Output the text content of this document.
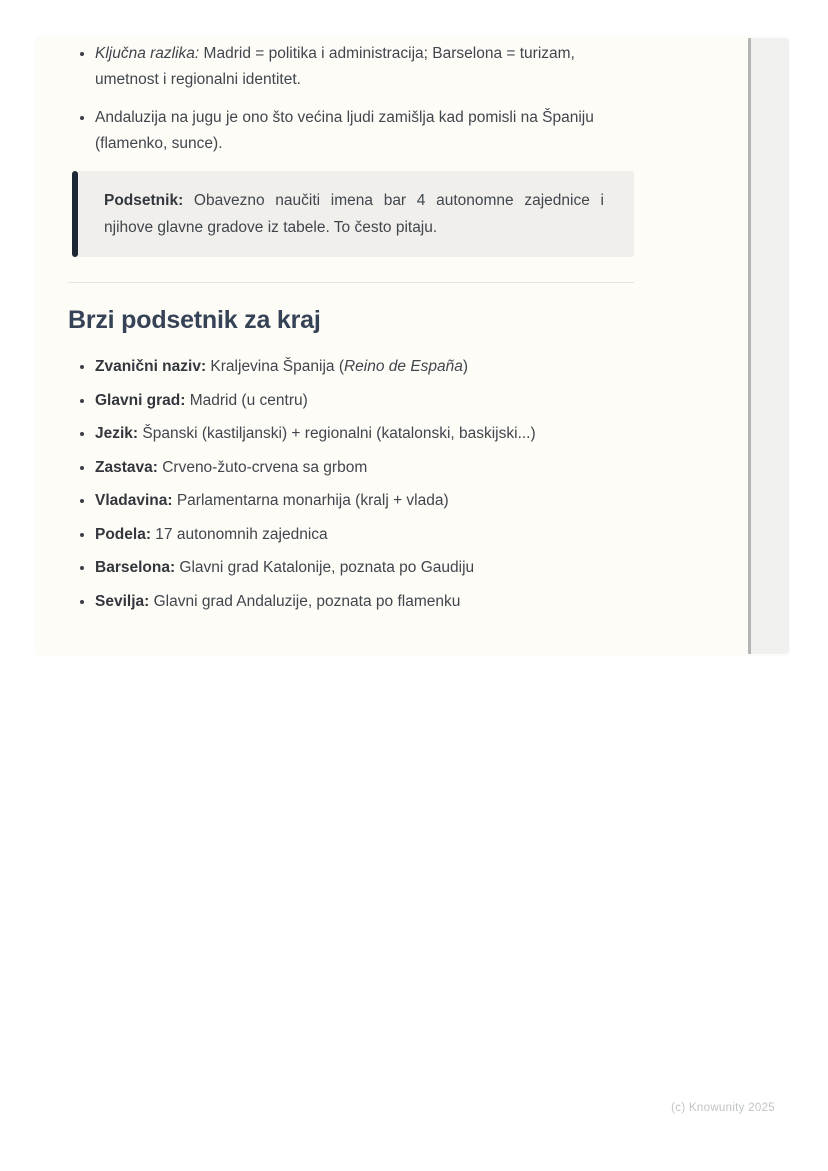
• Ključna razlika: Madrid = politika i administracija; Barselona = turizam, umetnost i regionalni identitet.
• Andaluzija na jugu je ono što većina ljudi zamišlja kad pomisli na Španiju (flamenko, sunce).
Podsetnik: Obavezno naučiti imena bar 4 autonomne zajednice i njihove glavne gradove iz tabele. To često pitaju.
Brzi podsetnik za kraj
• Zvanični naziv: Kraljevina Španija (Reino de España)
• Glavni grad: Madrid (u centru)
• Jezik: Španski (kastiljanski) + regionalni (katalonski, baskijski...)
• Zastava: Crveno-žuto-crvena sa grbom
• Vladavina: Parlamentarna monarhija (kralj + vlada)
• Podela: 17 autonomnih zajednica
• Barselona: Glavni grad Katalonije, poznata po Gaudiju
• Sevilja: Glavni grad Andaluzije, poznata po flamenku
(c) Knowunity 2025
